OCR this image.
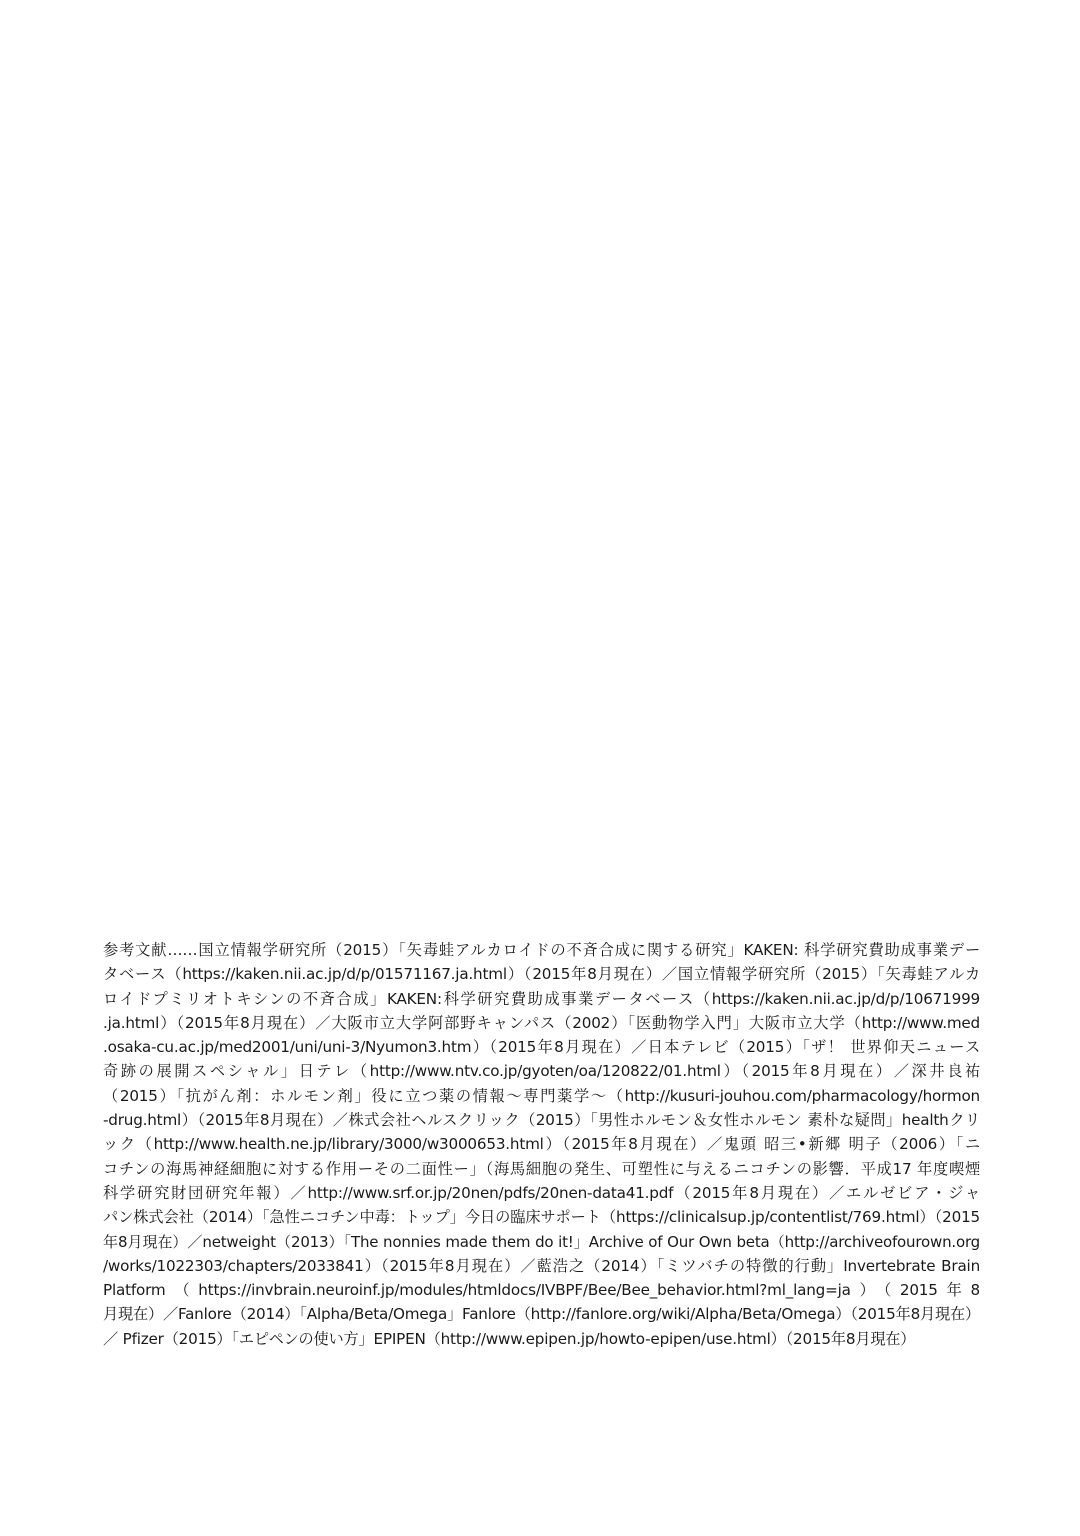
参考文献……国立情報学研究所（2015）「矢毒蛙アルカロイドの不斉合成に関する研究」KAKEN: 科学研究費助成事業デー
タベース（https://kaken.nii.ac.jp/d/p/01571167.ja.html）（2015年8月現在）／国立情報学研究所（2015）「矢毒蛙アルカ
ロイドプミリオトキシンの不斉合成」KAKEN:科学研究費助成事業データベース（https://kaken.nii.ac.jp/d/p/10671999
.ja.html）（2015年8月現在）／大阪市立大学阿部野キャンパス（2002）「医動物学入門」大阪市立大学（http://www.med
.osaka-cu.ac.jp/med2001/uni/uni-3/Nyumon3.htm）（2015年8月現在）／日本テレビ（2015）「ザ！ 世界仰天ニュース
奇跡の展開スペシャル」日テレ（http://www.ntv.co.jp/gyoten/oa/120822/01.html）（2015年8月現在）／深井良祐
（2015）「抗がん剤：ホルモン剤」役に立つ薬の情報～専門薬学～（http://kusuri-jouhou.com/pharmacology/hormon
-drug.html）（2015年8月現在）／株式会社ヘルスクリック（2015）「男性ホルモン＆女性ホルモン 素朴な疑問」healthクリ
ック（http://www.health.ne.jp/library/3000/w3000653.html）（2015年8月現在）／鬼頭 昭三•新郷 明子（2006）「ニ
コチンの海馬神経細胞に対する作用ーその二面性ー」（海馬細胞の発生、可塑性に与えるニコチンの影響．平成17 年度喫煙
科学研究財団研究年報）／http://www.srf.or.jp/20nen/pdfs/20nen-data41.pdf（2015年8月現在）／エルゼビア・ジャ
パン株式会社（2014）「急性ニコチン中毒：トップ」今日の臨床サポート（https://clinicalsup.jp/contentlist/769.html）（2015
年8月現在）／netweight（2013）「The nonnies made them do it!」Archive of Our Own beta（http://archiveofourown.org
/works/1022303/chapters/2033841）（2015年8月現在）／藍浩之（2014）「ミツバチの特徴的行動」Invertebrate Brain
Platform（https://invbrain.neuroinf.jp/modules/htmldocs/IVBPF/Bee/Bee_behavior.html?ml_lang=ja）（2015年8
月現在）／Fanlore（2014）「Alpha/Beta/Omega」Fanlore（http://fanlore.org/wiki/Alpha/Beta/Omega）（2015年8月現在）
／ Pfizer（2015）「エピペンの使い方」EPIPEN（http://www.epipen.jp/howto-epipen/use.html）（2015年8月現在）
